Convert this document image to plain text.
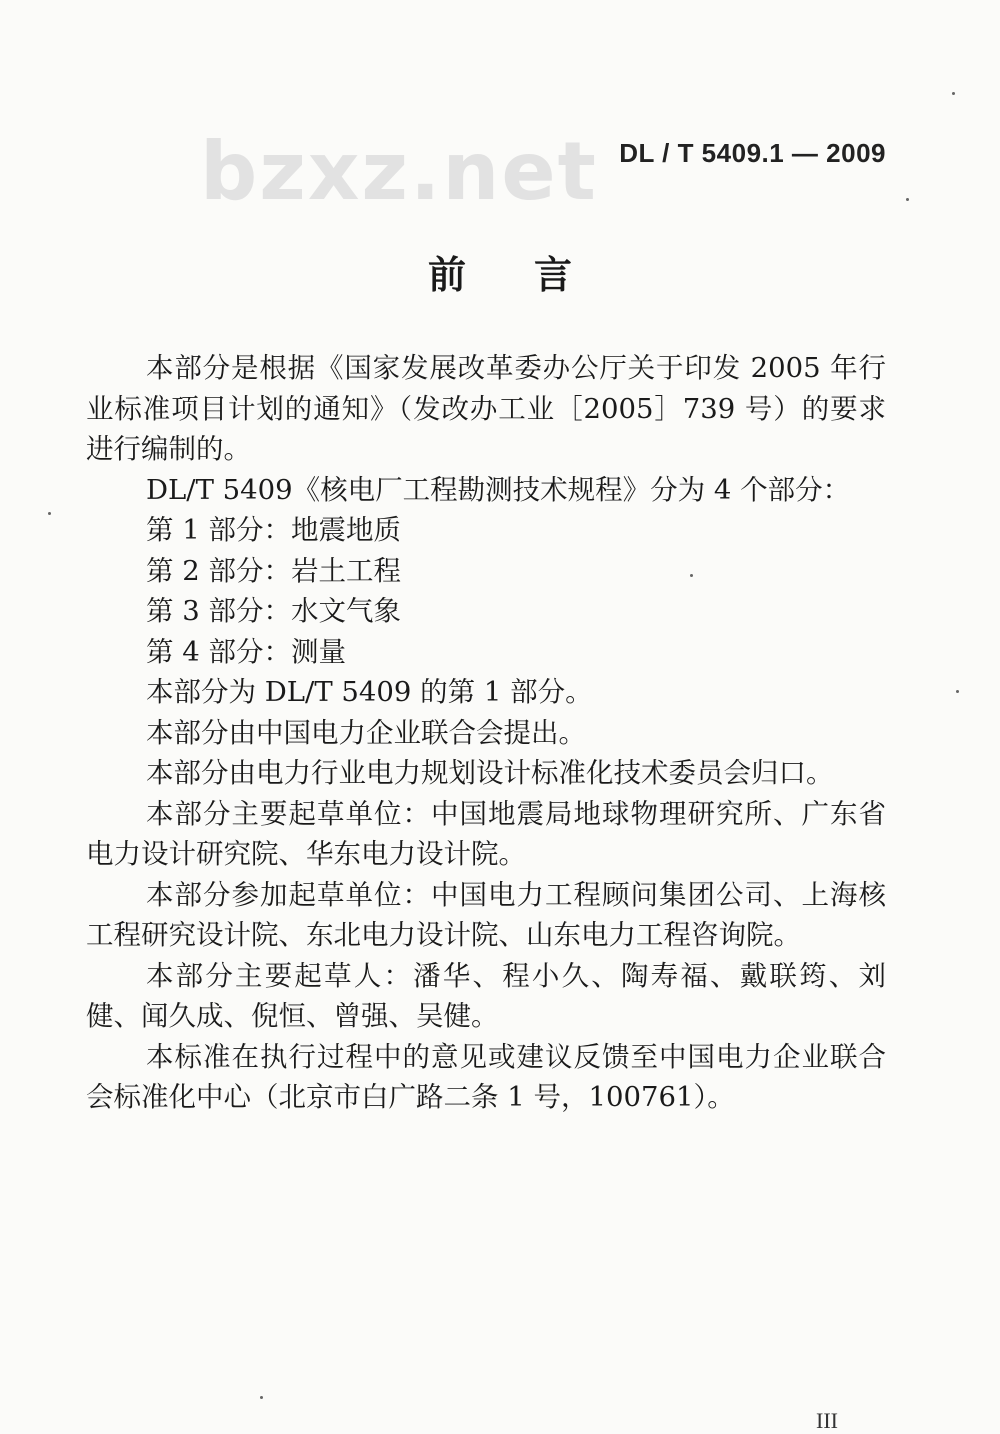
bzxz.net DL / T 5409.1 — 2009
前言

本部分是根据《国家发展改革委办公厅关于印发 2005 年行业标准项目计划的通知》（发改办工业［2005］739 号）的要求进行编制的。

DL/T 5409《核电厂工程勘测技术规程》分为 4 个部分：

第 1 部分：地震地质

第 2 部分：岩土工程

第 3 部分：水文气象

第 4 部分：测量

本部分为 DL/T 5409 的第 1 部分。

本部分由中国电力企业联合会提出。

本部分由电力行业电力规划设计标准化技术委员会归口。

本部分主要起草单位：中国地震局地球物理研究所、广东省电力设计研究院、华东电力设计院。

本部分参加起草单位：中国电力工程顾问集团公司、上海核工程研究设计院、东北电力设计院、山东电力工程咨询院。

本部分主要起草人：潘华、程小久、陶寿福、戴联筠、刘健、闻久成、倪恒、曾强、吴健。

本标准在执行过程中的意见或建议反馈至中国电力企业联合会标准化中心（北京市白广路二条 1 号，100761）。

III
